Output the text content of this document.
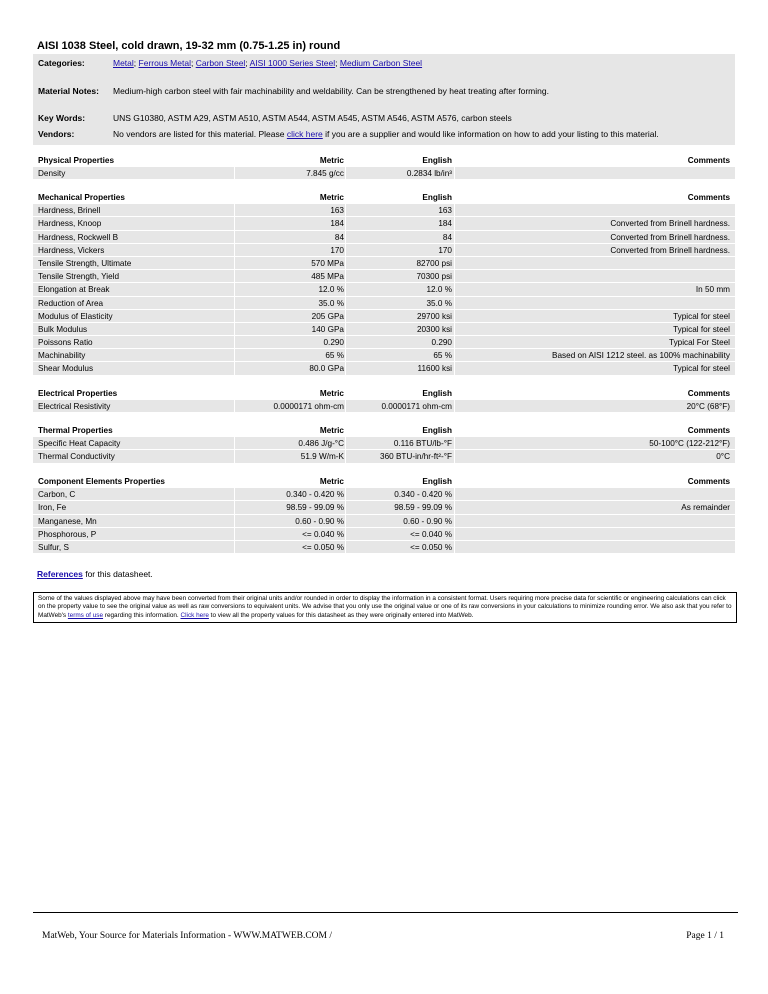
AISI 1038 Steel, cold drawn, 19-32 mm (0.75-1.25 in) round
Categories:	Metal; Ferrous Metal; Carbon Steel; AISI 1000 Series Steel; Medium Carbon Steel
Material Notes: Medium-high carbon steel with fair machinability and weldability. Can be strengthened by heat treating after forming.
Key Words:	UNS G10380, ASTM A29, ASTM A510, ASTM A544, ASTM A545, ASTM A546, ASTM A576, carbon steels
Vendors:	No vendors are listed for this material. Please click here if you are a supplier and would like information on how to add your listing to this material.
Physical Properties	Metric	English	Comments
Density	7.845 g/cc	0.2834 lb/in³
Mechanical Properties	Metric	English	Comments
Hardness, Brinell	163	163
Hardness, Knoop	184	184	Converted from Brinell hardness.
Hardness, Rockwell B	84	84	Converted from Brinell hardness.
Hardness, Vickers	170	170	Converted from Brinell hardness.
Tensile Strength, Ultimate	570 MPa	82700 psi
Tensile Strength, Yield	485 MPa	70300 psi
Elongation at Break	12.0 %	12.0 %	In 50 mm
Reduction of Area	35.0 %	35.0 %
Modulus of Elasticity	205 GPa	29700 ksi	Typical for steel
Bulk Modulus	140 GPa	20300 ksi	Typical for steel
Poissons Ratio	0.290	0.290	Typical For Steel
Machinability	65 %	65 %	Based on AISI 1212 steel. as 100% machinability
Shear Modulus	80.0 GPa	11600 ksi	Typical for steel
Electrical Properties	Metric	English	Comments
Electrical Resistivity	0.0000171 ohm-cm	0.0000171 ohm-cm	20°C (68°F)
Thermal Properties	Metric	English	Comments
Specific Heat Capacity	0.486 J/g-°C	0.116 BTU/lb-°F	50-100°C (122-212°F)
Thermal Conductivity	51.9 W/m-K	360 BTU-in/hr-ft²-°F	0°C
Component Elements Properties	Metric	English	Comments
Carbon, C	0.340 - 0.420 %	0.340 - 0.420 %
Iron, Fe	98.59 - 99.09 %	98.59 - 99.09 %	As remainder
Manganese, Mn	0.60 - 0.90 %	0.60 - 0.90 %
Phosphorous, P	<= 0.040 %	<= 0.040 %
Sulfur, S	<= 0.050 %	<= 0.050 %
References for this datasheet.
Some of the values displayed above may have been converted from their original units and/or rounded in order to display the information in a consistent format. Users requiring more precise data for scientific or engineering calculations can click on the property value to see the original value as well as raw conversions to equivalent units. We advise that you only use the original value or one of its raw conversions in your calculations to minimize rounding error. We also ask that you refer to MatWeb's terms of use regarding this information. Click here to view all the property values for this datasheet as they were originally entered into MatWeb.
MatWeb, Your Source for Materials Information - WWW.MATWEB.COM /	Page 1 / 1
